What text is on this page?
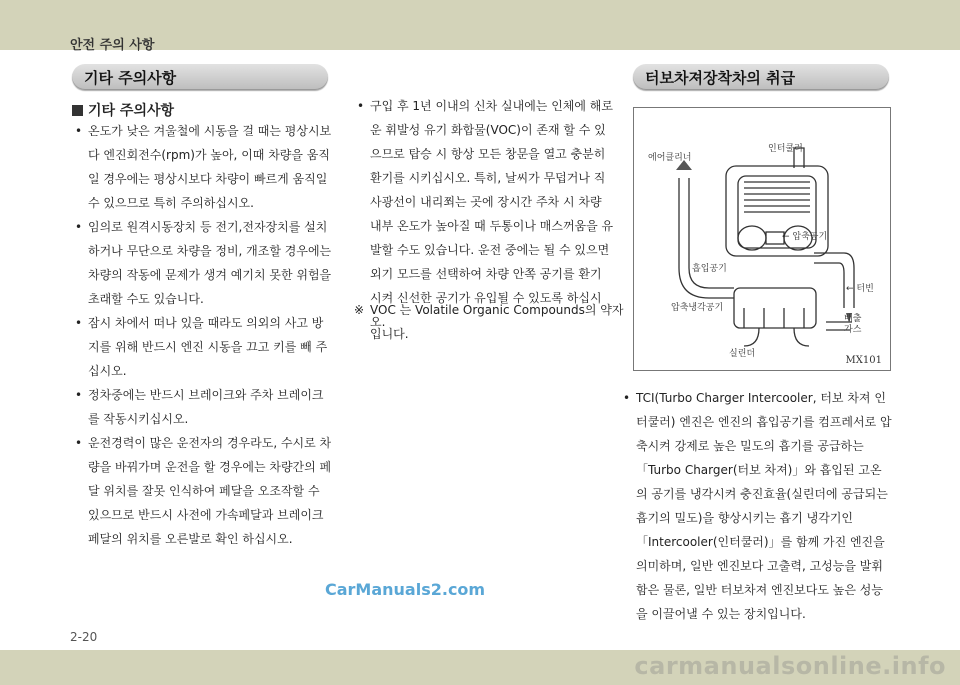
안전 주의 사항
기타 주의사항
기타 주의사항
• 온도가 낮은 겨울철에 시동을 걸 때는 평상시보다 엔진회전수(rpm)가 높아, 이때 차량을 움직일 경우에는 평상시보다 차량이 빠르게 움직일 수 있으므로 특히 주의하십시오.
• 임의로 원격시동장치 등 전기,전자장치를 설치하거나 무단으로 차량을 정비, 개조할 경우에는 차량의 작동에 문제가 생겨 예기치 못한 위험을 초래할 수도 있습니다.
• 잠시 차에서 떠나 있을 때라도 의외의 사고 방지를 위해 반드시 엔진 시동을 끄고 키를 빼 주십시오.
• 정차중에는 반드시 브레이크와 주차 브레이크를 작동시키십시오.
• 운전경력이 많은 운전자의 경우라도, 수시로 차량을 바꿔가며 운전을 할 경우에는 차량간의 페달 위치를 잘못 인식하여 페달을 오조작할 수 있으므로 반드시 사전에 가속페달과 브레이크 페달의 위치를 오른발로 확인 하십시오.
• 구입 후 1년 이내의 신차 실내에는 인체에 해로운 휘발성 유기 화합물(VOC)이 존재 할 수 있으므로 탑승 시 항상 모든 창문을 열고 충분히 환기를 시키십시오. 특히, 날씨가 무덥거나 직사광선이 내리쬐는 곳에 장시간 주차 시 차량 내부 온도가 높아질 때 두통이나 매스꺼움을 유발할 수도 있습니다. 운전 중에는 될 수 있으면 외기 모드를 선택하여 차량 안쪽 공기를 환기 시켜 신선한 공기가 유입될 수 있도록 하십시오.
※ VOC 는 Volatile Organic Compounds의 약자입니다.
터보차져장착차의 취급
인터쿨러
에어클리너
← 압축공기
흡입공기
← 터빈
압축냉각공기
배출
가스
실린더
MX101
• TCI(Turbo Charger Intercooler, 터보 차져 인터쿨러) 엔진은 엔진의 흡입공기를 컴프레서로 압축시켜 강제로 높은 밀도의 흡기를 공급하는 「Turbo Charger(터보 차져)」와 흡입된 고온의 공기를 냉각시켜 충진효율(실린더에 공급되는 흡기의 밀도)을 향상시키는 흡기 냉각기인 「Intercooler(인터쿨러)」를 함께 가진 엔진을 의미하며, 일반 엔진보다 고출력, 고성능을 발휘함은 물론, 일반 터보차져 엔진보다도 높은 성능을 이끌어낼 수 있는 장치입니다.
CarManuals2.com
2-20
carmanualsonline.info
